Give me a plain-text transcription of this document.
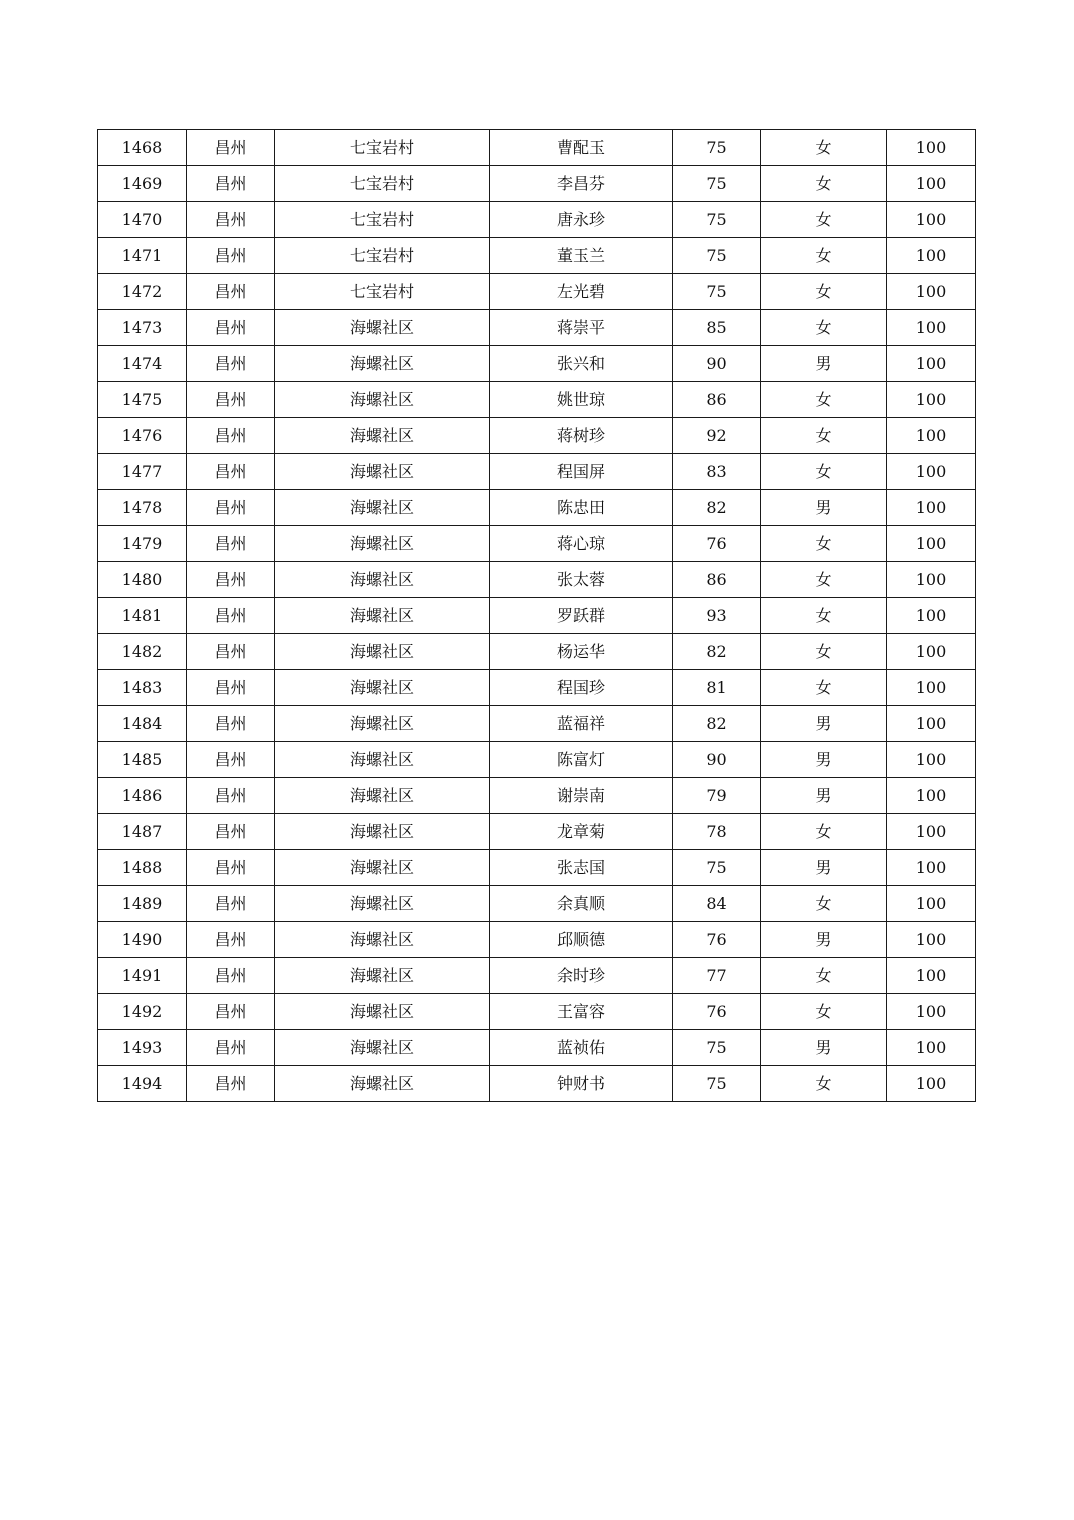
1468	昌州	七宝岩村	曹配玉	75	女	100
1469	昌州	七宝岩村	李昌芬	75	女	100
1470	昌州	七宝岩村	唐永珍	75	女	100
1471	昌州	七宝岩村	董玉兰	75	女	100
1472	昌州	七宝岩村	左光碧	75	女	100
1473	昌州	海螺社区	蒋崇平	85	女	100
1474	昌州	海螺社区	张兴和	90	男	100
1475	昌州	海螺社区	姚世琼	86	女	100
1476	昌州	海螺社区	蒋树珍	92	女	100
1477	昌州	海螺社区	程国屏	83	女	100
1478	昌州	海螺社区	陈忠田	82	男	100
1479	昌州	海螺社区	蒋心琼	76	女	100
1480	昌州	海螺社区	张太蓉	86	女	100
1481	昌州	海螺社区	罗跃群	93	女	100
1482	昌州	海螺社区	杨运华	82	女	100
1483	昌州	海螺社区	程国珍	81	女	100
1484	昌州	海螺社区	蓝福祥	82	男	100
1485	昌州	海螺社区	陈富灯	90	男	100
1486	昌州	海螺社区	谢崇南	79	男	100
1487	昌州	海螺社区	龙章菊	78	女	100
1488	昌州	海螺社区	张志国	75	男	100
1489	昌州	海螺社区	余真顺	84	女	100
1490	昌州	海螺社区	邱顺德	76	男	100
1491	昌州	海螺社区	余时珍	77	女	100
1492	昌州	海螺社区	王富容	76	女	100
1493	昌州	海螺社区	蓝祯佑	75	男	100
1494	昌州	海螺社区	钟财书	75	女	100
